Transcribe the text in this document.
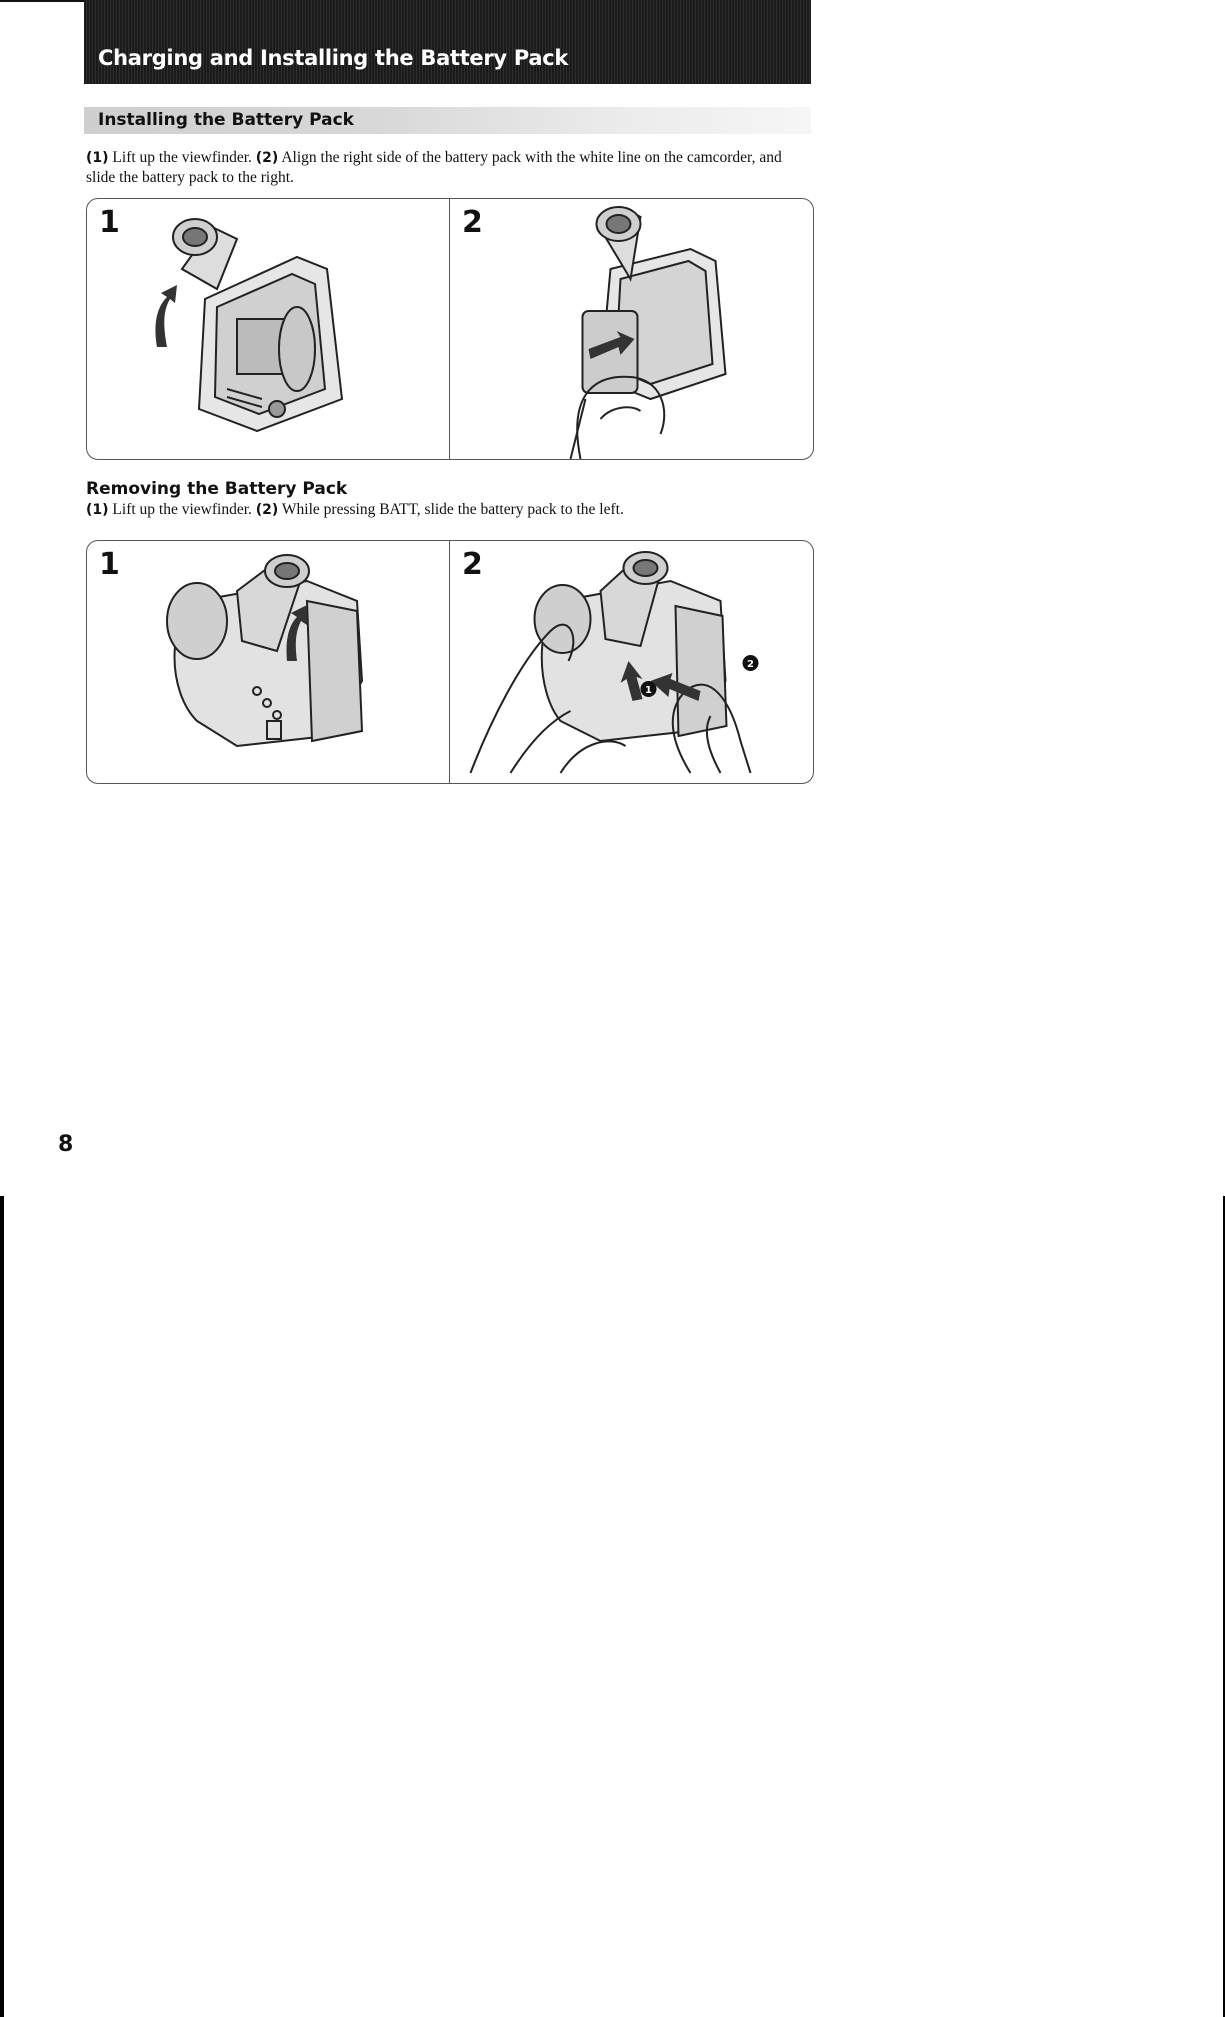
Charging and Installing the Battery Pack
Installing the Battery Pack

(1) Lift up the viewfinder. (2) Align the right side of the battery pack with the white line on the camcorder, and slide the battery pack to the right.

1	2
Removing the Battery Pack

(1) Lift up the viewfinder. (2) While pressing BATT, slide the battery pack to the left.

1	2
1
2

8
